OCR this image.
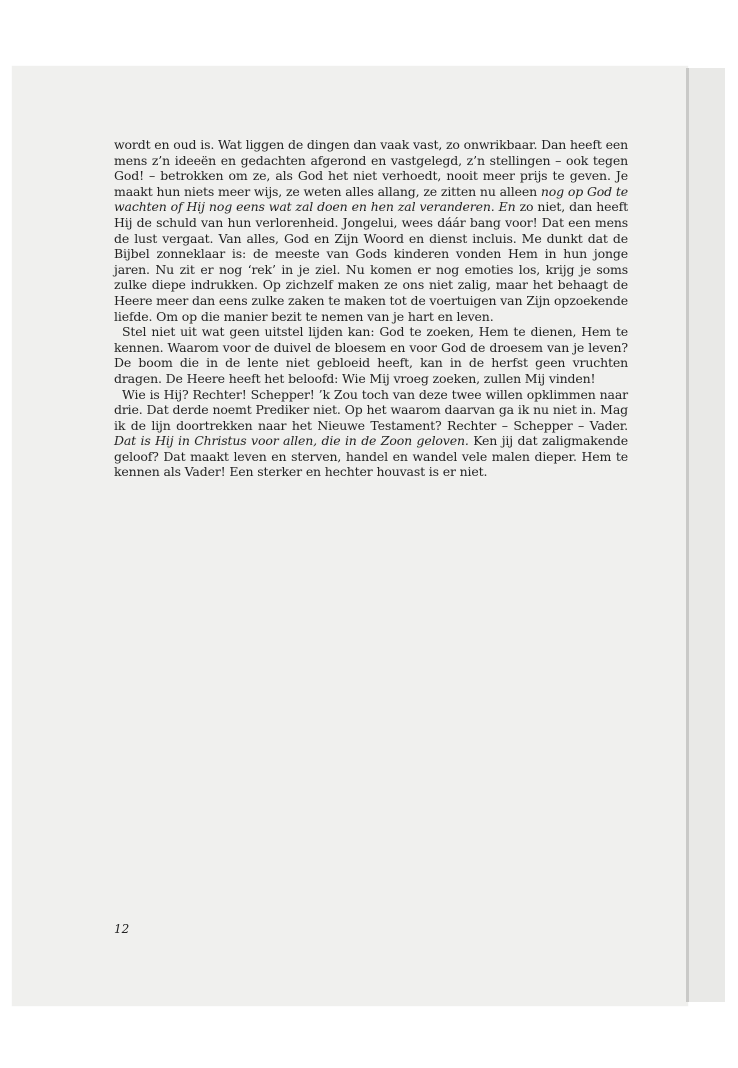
wordt en oud is. Wat liggen de dingen dan vaak vast, zo onwrikbaar. Dan heeft een mens z’n ideeën en gedachten afgerond en vastgelegd, z’n stellingen – ook tegen God! – betrokken om ze, als God het niet verhoedt, nooit meer prijs te geven. Je maakt hun niets meer wijs, ze weten alles allang, ze zitten nu alleen nog op God te wachten of Hij nog eens wat zal doen en hen zal veranderen. En zo niet, dan heeft Hij de schuld van hun verlorenheid. Jongelui, wees dáár bang voor! Dat een mens de lust vergaat. Van alles, God en Zijn Woord en dienst incluis. Me dunkt dat de Bijbel zonneklaar is: de meeste van Gods kinderen vonden Hem in hun jonge jaren. Nu zit er nog ‘rek’ in je ziel. Nu komen er nog emoties los, krijg je soms zulke diepe indrukken. Op zichzelf maken ze ons niet zalig, maar het behaagt de Heere meer dan eens zulke zaken te maken tot de voertuigen van Zijn opzoekende liefde. Om op die manier bezit te nemen van je hart en leven.

Stel niet uit wat geen uitstel lijden kan: God te zoeken, Hem te dienen, Hem te kennen. Waarom voor de duivel de bloesem en voor God de droesem van je leven? De boom die in de lente niet gebloeid heeft, kan in de herfst geen vruchten dragen. De Heere heeft het beloofd: Wie Mij vroeg zoeken, zullen Mij vinden!

Wie is Hij? Rechter! Schepper! ’k Zou toch van deze twee willen opklimmen naar drie. Dat derde noemt Prediker niet. Op het waarom daarvan ga ik nu niet in. Mag ik de lijn doortrekken naar het Nieuwe Testament? Rechter – Schepper – Vader. Dat is Hij in Christus voor allen, die in de Zoon geloven. Ken jij dat zaligmakende geloof? Dat maakt leven en sterven, handel en wandel vele malen dieper. Hem te kennen als Vader! Een sterker en hechter houvast is er niet.

12
